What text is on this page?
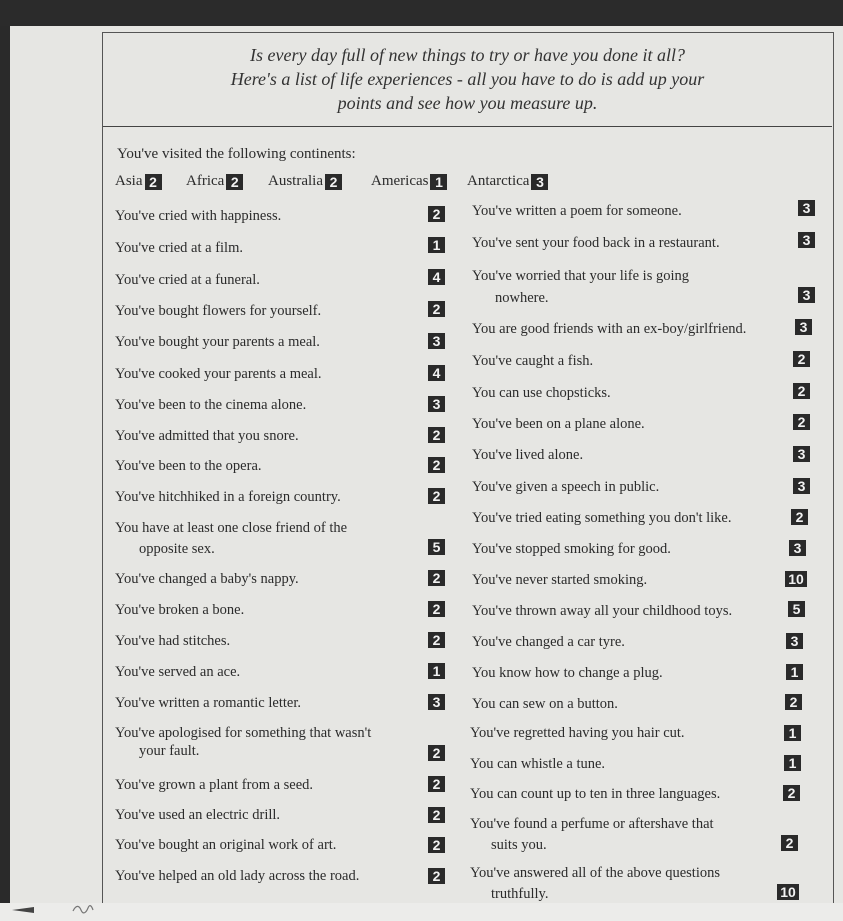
Is every day full of new things to try or have you done it all?
Here's a list of life experiences - all you have to do is add up your
points and see how you measure up.
You've visited the following continents:
Asia 2	Africa 2	Australia 2	Americas 1	Antarctica 3
You've cried with happiness.	2
You've cried at a film.	1
You've cried at a funeral.	4
You've bought flowers for yourself.	2
You've bought your parents a meal.	3
You've cooked your parents a meal.	4
You've been to the cinema alone.	3
You've admitted that you snore.	2
You've been to the opera.	2
You've hitchhiked in a foreign country.	2
You have at least one close friend of the
opposite sex.	5
You've changed a baby's nappy.	2
You've broken a bone.	2
You've had stitches.	2
You've served an ace.	1
You've written a romantic letter.	3
You've apologised for something that wasn't
your fault.	2
You've grown a plant from a seed.	2
You've used an electric drill.	2
You've bought an original work of art.	2
You've helped an old lady across the road.	2
You've written a poem for someone.	3
You've sent your food back in a restaurant.	3
You've worried that your life is going
nowhere.	3
You are good friends with an ex-boy/girlfriend.	3
You've caught a fish.	2
You can use chopsticks.	2
You've been on a plane alone.	2
You've lived alone.	3
You've given a speech in public.	3
You've tried eating something you don't like.	2
You've stopped smoking for good.	3
You've never started smoking.	10
You've thrown away all your childhood toys.	5
You've changed a car tyre.	3
You know how to change a plug.	1
You can sew on a button.	2
You've regretted having you hair cut.	1
You can whistle a tune.	1
You can count up to ten in three languages.	2
You've found a perfume or aftershave that
suits you.	2
You've answered all of the above questions
truthfully.	10
